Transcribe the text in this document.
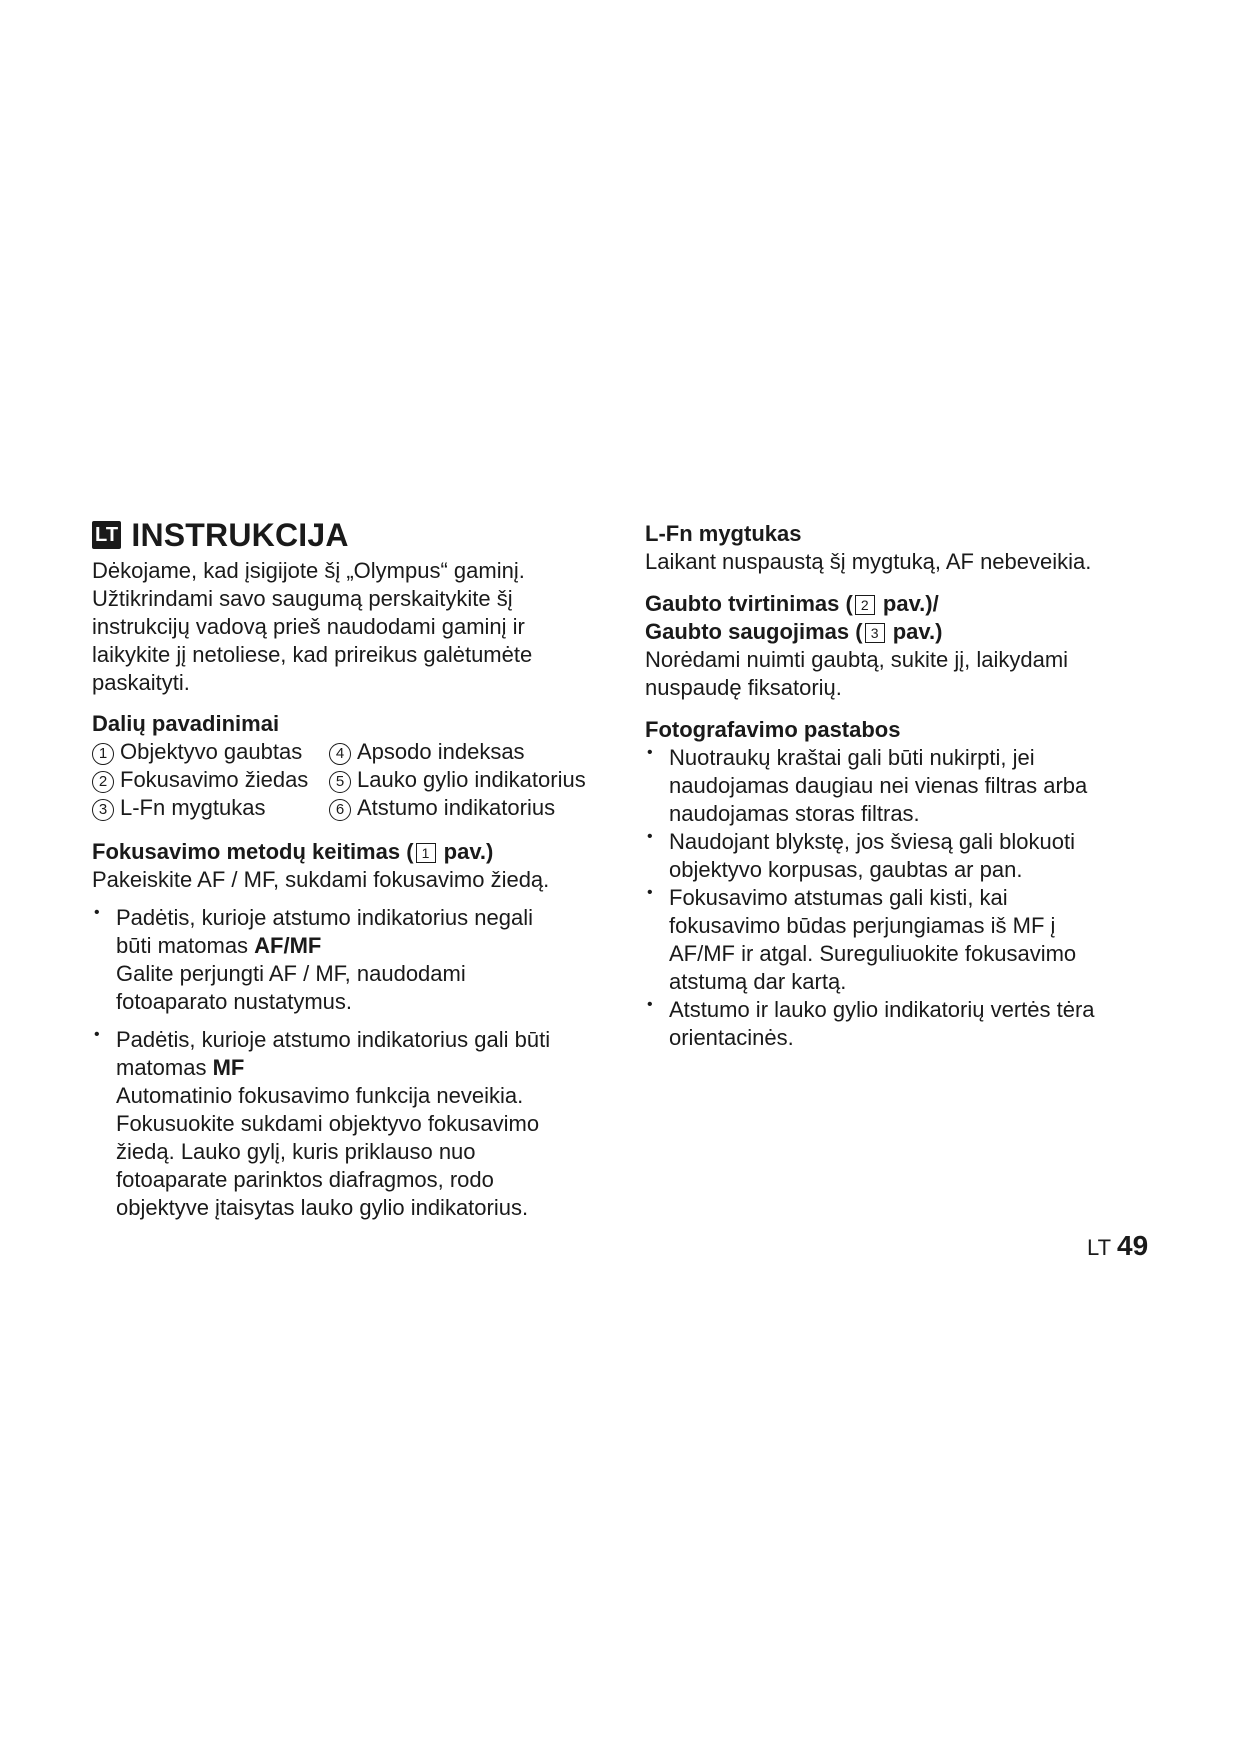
LT INSTRUKCIJA

Dėkojame, kad įsigijote šį „Olympus“ gaminį.

Užtikrindami savo saugumą perskaitykite šį

instrukcijų vadovą prieš naudodami gaminį ir

laikykite jį netoliese, kad prireikus galėtumėte

paskaityti.

Dalių pavadinimai

1 Objektyvo gaubtas	4 Apsodo indeksas
2 Fokusavimo žiedas	5 Lauko gylio indikatorius
3 L-Fn mygtukas	6 Atstumo indikatorius

Fokusavimo metodų keitimas ( 1 pav.)

Pakeiskite AF / MF, sukdami fokusavimo žiedą.

• Padėtis, kurioje atstumo indikatorius negali

būti matomas AF/MF

Galite perjungti AF / MF, naudodami

fotoaparato nustatymus.

• Padėtis, kurioje atstumo indikatorius gali būti

matomas MF

Automatinio fokusavimo funkcija neveikia.

Fokusuokite sukdami objektyvo fokusavimo

žiedą. Lauko gylį, kuris priklauso nuo

fotoaparate parinktos diafragmos, rodo

objektyve įtaisytas lauko gylio indikatorius.

L-Fn mygtukas

Laikant nuspaustą šį mygtuką, AF nebeveikia.

Gaubto tvirtinimas ( 2 pav.)/

Gaubto saugojimas ( 3 pav.)

Norėdami nuimti gaubtą, sukite jį, laikydami

nuspaudę fiksatorių.

Fotografavimo pastabos

• Nuotraukų kraštai gali būti nukirpti, jei

naudojamas daugiau nei vienas filtras arba

naudojamas storas filtras.

• Naudojant blykstę, jos šviesą gali blokuoti

objektyvo korpusas, gaubtas ar pan.

• Fokusavimo atstumas gali kisti, kai

fokusavimo būdas perjungiamas iš MF į

AF/MF ir atgal. Sureguliuokite fokusavimo

atstumą dar kartą.

• Atstumo ir lauko gylio indikatorių vertės tėra

orientacinės.

LT 49
